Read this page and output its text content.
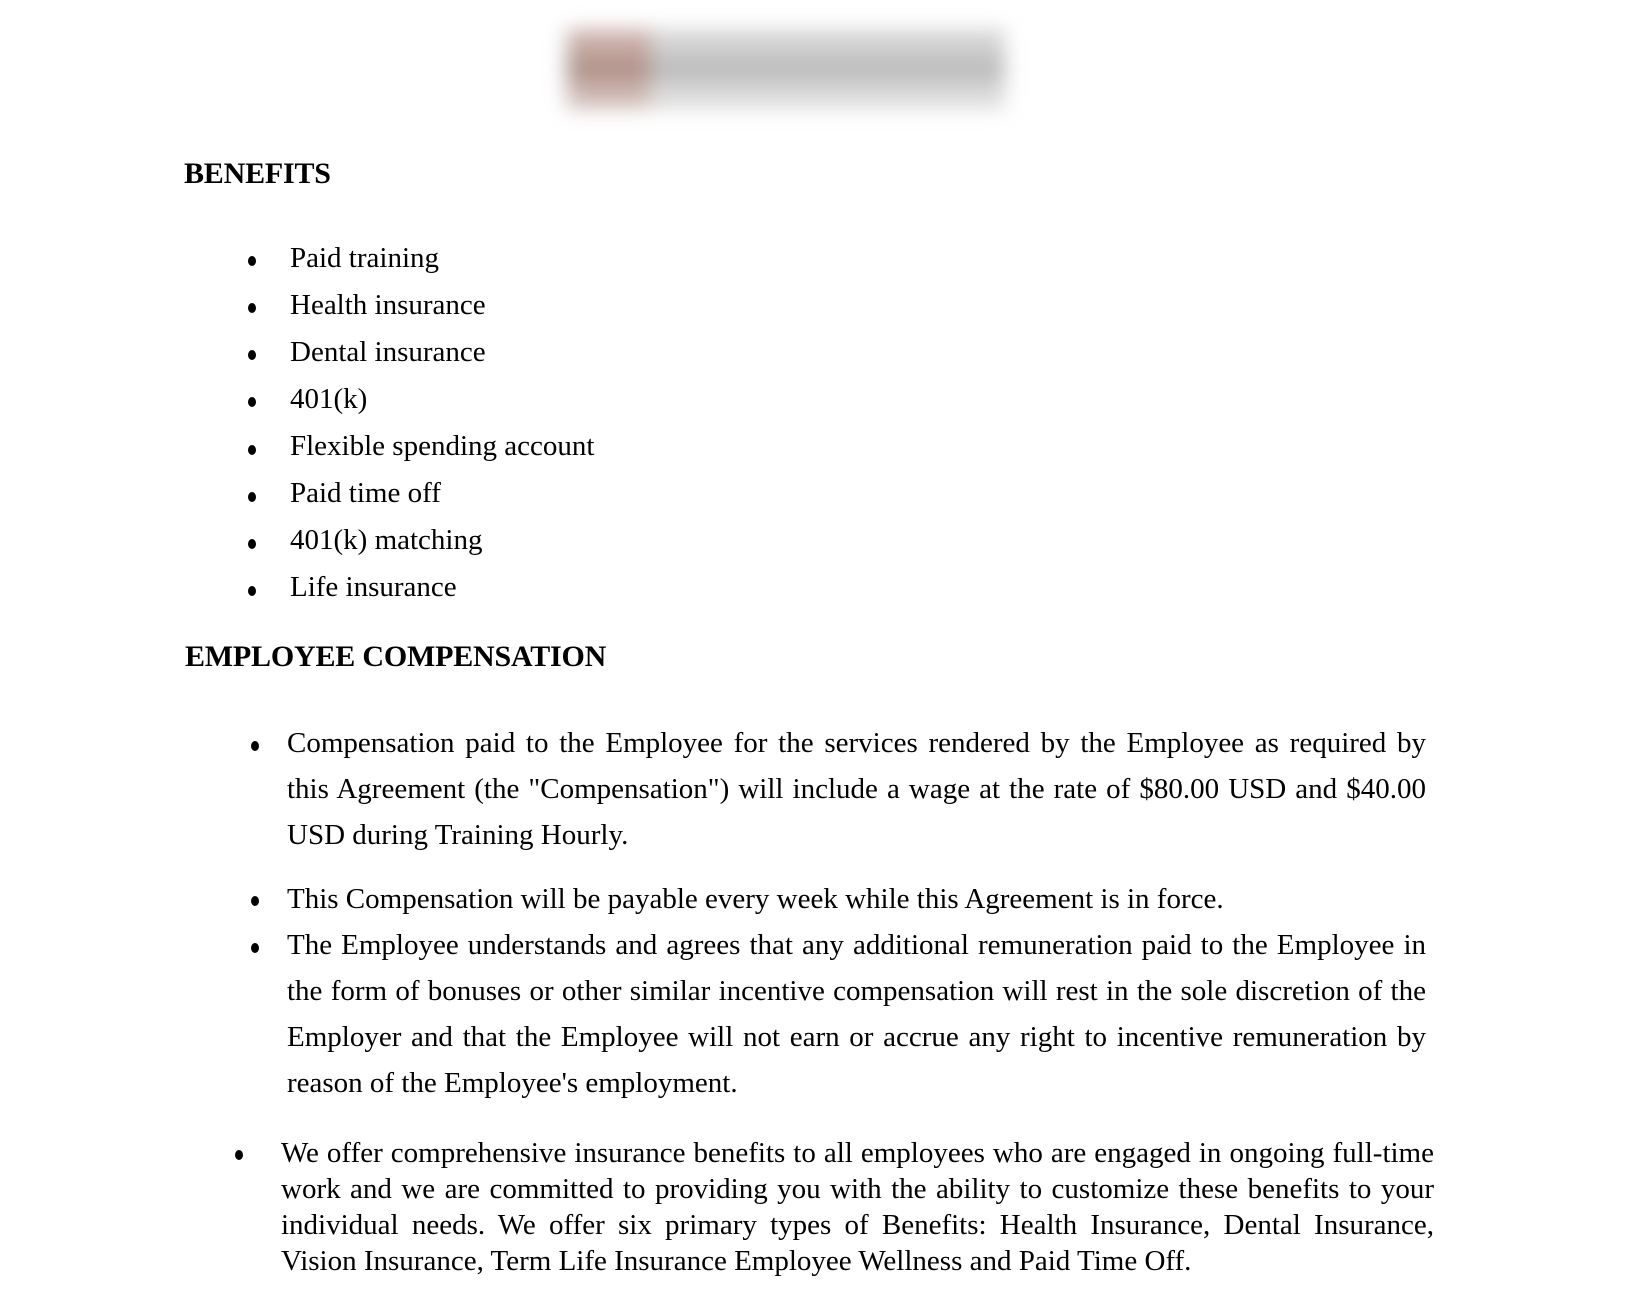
BENEFITS
Paid training
Health insurance
Dental insurance
401(k)
Flexible spending account
Paid time off
401(k) matching
Life insurance
EMPLOYEE COMPENSATION

Compensation paid to the Employee for the services rendered by the Employee as required by this Agreement (the "Compensation") will include a wage at the rate of $80.00 USD and $40.00 USD during Training Hourly.

This Compensation will be payable every week while this Agreement is in force.

The Employee understands and agrees that any additional remuneration paid to the Employee in the form of bonuses or other similar incentive compensation will rest in the sole discretion of the Employer and that the Employee will not earn or accrue any right to incentive remuneration by reason of the Employee's employment.

We offer comprehensive insurance benefits to all employees who are engaged in ongoing full-time work and we are committed to providing you with the ability to customize these benefits to your individual needs. We offer six primary types of Benefits: Health Insurance, Dental Insurance, Vision Insurance, Term Life Insurance Employee Wellness and Paid Time Off.
